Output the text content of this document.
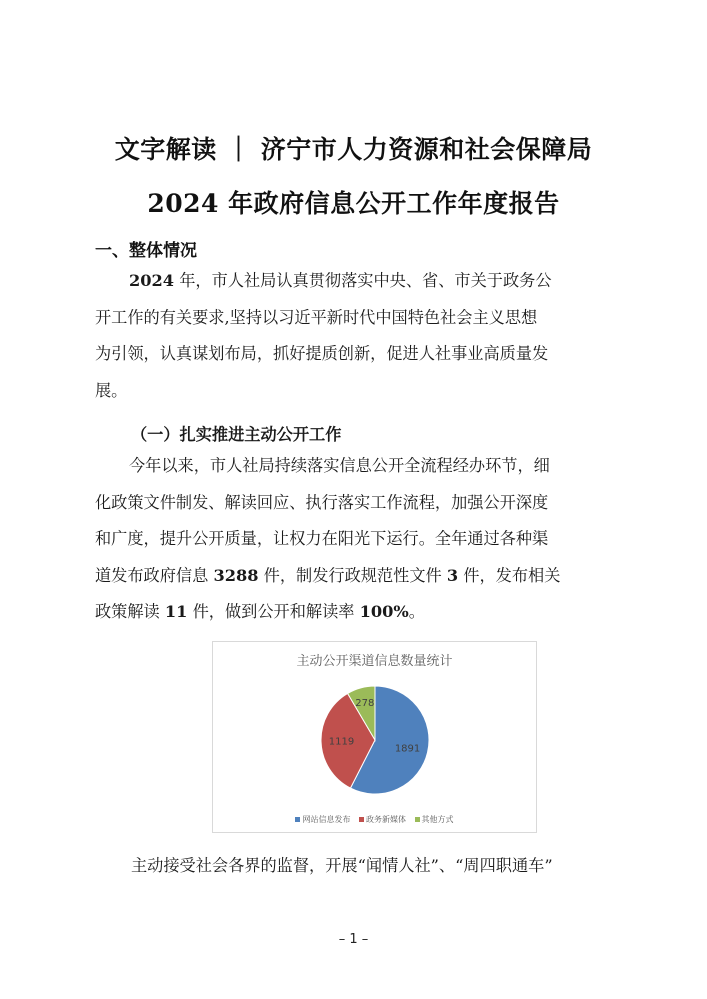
文字解读 ｜ 济宁市人力资源和社会保障局
2024 年政府信息公开工作年度报告
一、整体情况
2024 年，市人社局认真贯彻落实中央、省、市关于政务公
开工作的有关要求,坚持以习近平新时代中国特色社会主义思想
为引领，认真谋划布局，抓好提质创新，促进人社事业高质量发
展。
（一）扎实推进主动公开工作
今年以来，市人社局持续落实信息公开全流程经办环节，细
化政策文件制发、解读回应、执行落实工作流程，加强公开深度
和广度，提升公开质量，让权力在阳光下运行。全年通过各种渠
道发布政府信息 3288 件，制发行政规范性文件 3 件，发布相关
政策解读 11 件，做到公开和解读率 100%。
主动公开渠道信息数量统计
1891
1119
278
网站信息发布 政务新媒体 其他方式
主动接受社会各界的监督，开展“闻情人社”、“周四职通车”
– 1 –
